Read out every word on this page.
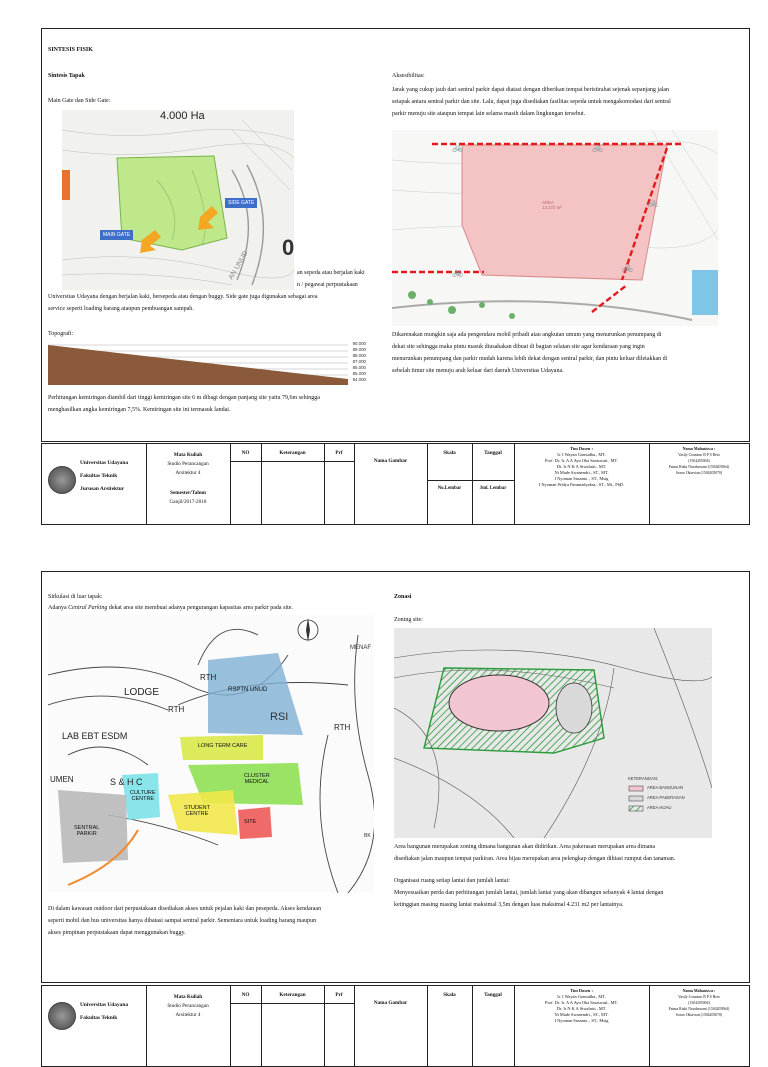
SINTESIS FISIK
Sintesis Tapak
Main Gate dan Side Gate:
0
AN UNUD
4.000 Ha
SIDE GATE
MAIN GATE
an sepeda atau berjalan kaki
n / pegawai perpustakaan
Universitas Udayana dengan berjalan kaki, bersepeda atau dengan buggy. Side gate juga digunakan sebagai area
service seperti loading barang ataupun pembuangan sampah.
Topografi:
90.000
89.000
88.000
87.000
86.000
85.000
84.000
Perhitungan kemiringan diambil dari tinggi kemiringan site 6 m dibagi dengan panjang site yaitu 79,6m sehingga
menghasilkan angka kemiringan 7,5%. Kemiringan site ini termasuk landai.
Aksesibilitas:
Jarak yang cukup jauh dari sentral parkir dapat diatasi dengan diberikan tempat beristirahat sejenak sepanjang jalan
setapak antara sentral parkir dan site. Lalu, dapat juga disediakan fasilitas sepeda untuk mengakomodasi dari sentral
parkir menuju site ataupun tempat lain selama masih dalam lingkungan tersebut.
🚲	🚲
🚲
🚲	🚲
AREA
13.172 m²
Dikarenakan mungkin saja ada pengendara mobil pribadi atau angkutan umum yang menurunkan penumpang di
dekat site sehingga maka pintu masuk diusahakan dibuat di bagian selatan site agar kendaraan yang ingin
menurunkan penumpang dan parkir mudah karena lebih dekat dengan sentral parkir, dan pintu keluar diletakkan di
sebelah timur site menuju arah keluar dari daerah Universitas Udayana.
Universitas Udayana
Fakultas Teknik
Jurusan Arsitektur
Mata Kuliah
Studio Perancangan
Arsitektur 4
Semester/Tahun
Ganjil/2017-2018
NO	Keterangan	Prf
Nama Gambar
Skala	Tanggal
No.Lembar	Jml. Lembar
Tim Dosen :
Ir. I Wayan Gomudha., MT.
Prof. Dr. Ir. A A Ayu Oka Saraswati., MT.
Dr. Ir N K A Siwalatri., MT.
Ni Made Swanendri., ST., MT.
I Nyoman Susanta ., ST., Mstg
I Nyoman Widya Paramadyaksa., ST., Mt., PhD.
Nama Mahasiswa :
Vasily Cosmino B P S Beto
(1504205004)
Fatma Rizki Nurabawani (1504205064)
Sonor Oktavian (1504205070)
Sirkulasi di luar tapak:
Adanya Central Parking dekat area site membuat adanya pengurangan kapasitas area parkir pada site.
LODGE
RTH
RTH
RTH
RSPTN UNUD
RSI
LONG TERM CARE
CLUSTER
MEDICAL
STUDENT
CENTRE
SITE
CULTURE
CENTRE
LAB EBT ESDM
S & H C
UMEN
SENTRAL
PARKIR
MENAF
BK
Di dalam kawasan outdoor dari perpustakaan disediakan akses untuk pejalan kaki dan pesepeda. Akses kendaraan
seperti mobil dan bus universitas hanya dibatasi sampai sentral parkir. Sementara untuk loading barang maupun
akses pimpinan perpustakaan dapat menggunakan buggy.
Zonasi
Zoning site:
KETERANGAN:
AREA BANGUNAN
AREA PAKERASAN
AREA HIJAU
Area bangunan merupakan zoning dimana bangunan akan didirikan. Area pakerasan merupakan area dimana
disediakan jalan maupun tempat parkiran. Area hijau merupakan area pelengkap dengan dihiasi rumput dan tanaman.
Organisasi ruang setiap lantai dan jumlah lantai:
Menyesuaikan perda dan perhitungan jumlah lantai, jumlah lantai yang akan dibangun sebanyak 4 lantai dengan
ketinggian masing masing lantai maksimal 3,5m dengan luas maksimal 4.231 m2 per lantainya.
Universitas Udayana
Fakultas Teknik
Mata Kuliah
Studio Perancangan
Arsitektur 4
NO	Keterangan	Prf
Nama Gambar
Skala	Tanggal
Tim Dosen :
Ir. I Wayan Gomudha., MT.
Prof. Dr. Ir. A A Ayu Oka Saraswati., MT.
Dr. Ir N K A Siwalatri., MT.
Ni Made Swanendri., ST., MT.
I Nyoman Susanta ., ST., Mstg
Nama Mahasiswa :
Vasily Cosmino B P S Beto
(1504205004)
Fatma Rizki Nurabawani (1504205064)
Sonor Oktavian (1504205070)
